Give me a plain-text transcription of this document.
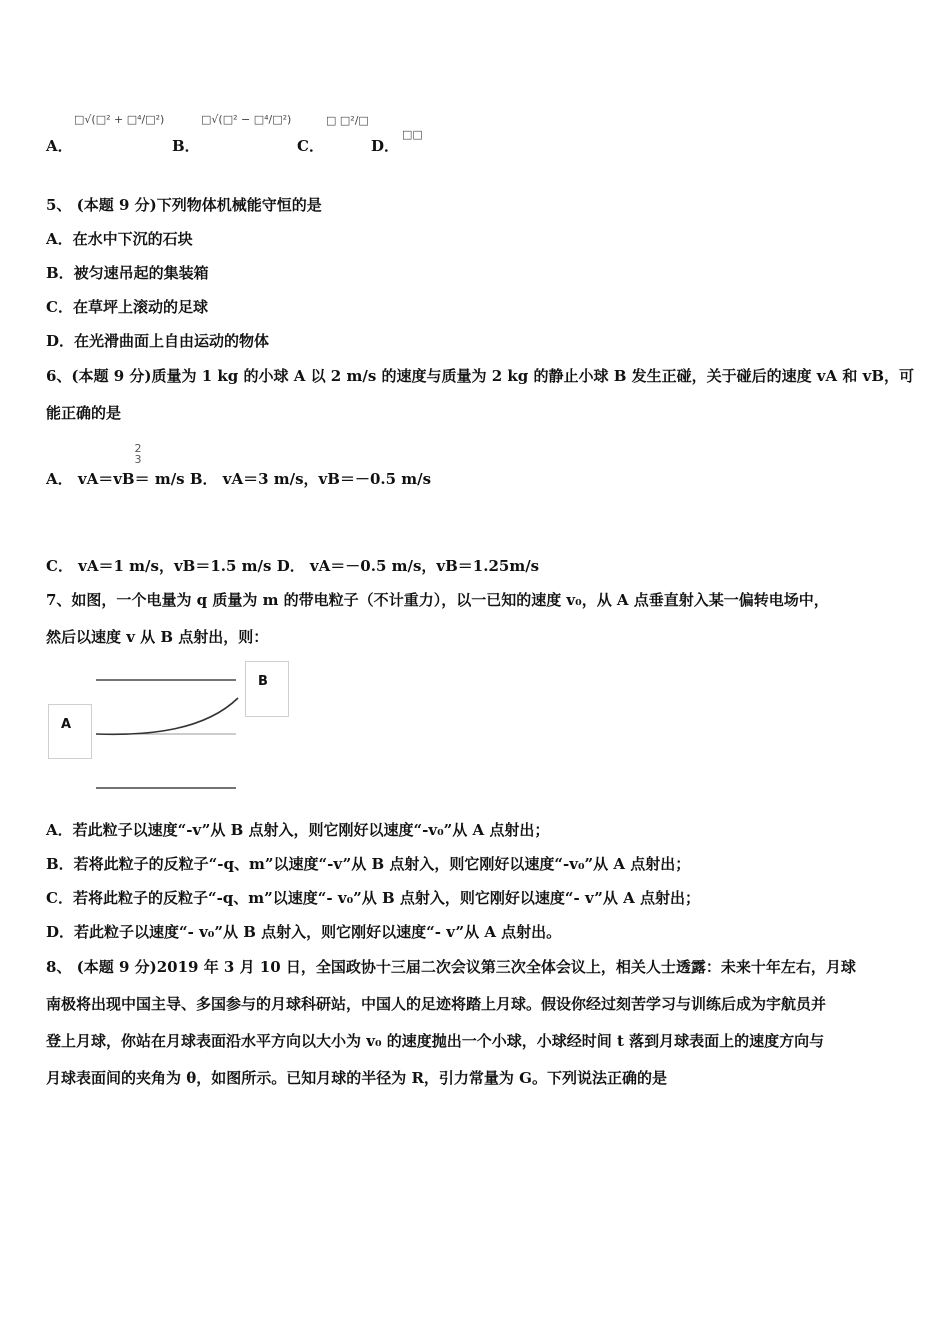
A．
□√(□² + □⁴/□²)
B．
□√(□² − □⁴/□²)
C．
□ □²/□
D．
□□
5、 (本题 9 分)下列物体机械能守恒的是
A．在水中下沉的石块
B．被匀速吊起的集装箱
C．在草坪上滚动的足球
D．在光滑曲面上自由运动的物体
6、(本题 9 分)质量为 1 kg 的小球 A 以 2 m/s 的速度与质量为 2 kg 的静止小球 B 发生正碰，关于碰后的速度 vA 和 vB，可
能正确的是
2
3
A． vA＝vB＝ m/s B． vA＝3 m/s，vB＝－0.5 m/s
C． vA＝1 m/s，vB＝1.5 m/s D． vA＝－0.5 m/s，vB＝1.25m/s
7、如图，一个电量为 q 质量为 m 的带电粒子（不计重力），以一已知的速度 v₀，从 A 点垂直射入某一偏转电场中，
然后以速度 v 从 B 点射出，则：
A
B
A．若此粒子以速度“-v”从 B 点射入，则它刚好以速度“-v₀”从 A 点射出；
B．若将此粒子的反粒子“-q、m”以速度“-v”从 B 点射入，则它刚好以速度“-v₀”从 A 点射出；
C．若将此粒子的反粒子“-q、m”以速度“- v₀”从 B 点射入，则它刚好以速度“- v”从 A 点射出；
D．若此粒子以速度“- v₀”从 B 点射入，则它刚好以速度“- v”从 A 点射出。
8、 (本题 9 分)2019 年 3 月 10 日，全国政协十三届二次会议第三次全体会议上，相关人士透露：未来十年左右，月球
南极将出现中国主导、多国参与的月球科研站，中国人的足迹将踏上月球。假设你经过刻苦学习与训练后成为宇航员并
登上月球，你站在月球表面沿水平方向以大小为 v₀ 的速度抛出一个小球，小球经时间 t 落到月球表面上的速度方向与
月球表面间的夹角为 θ，如图所示。已知月球的半径为 R，引力常量为 G。下列说法正确的是
